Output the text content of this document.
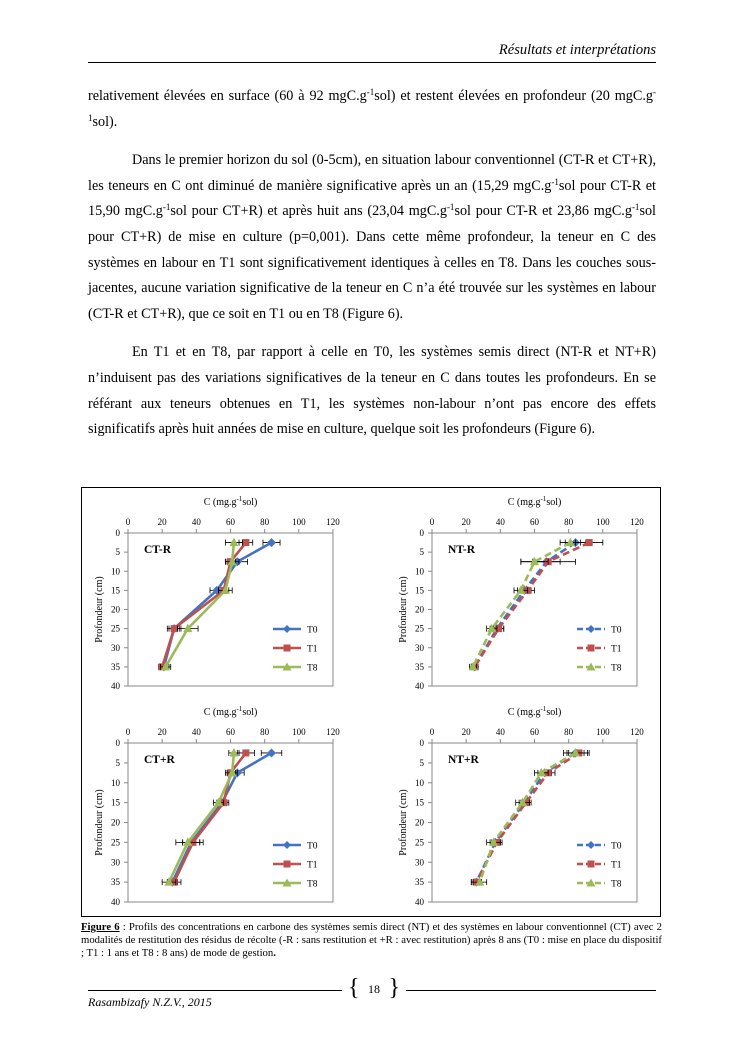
Résultats et interprétations

relativement élevées en surface (60 à 92 $mgC.g^{-1}sol$) et restent élevées en profondeur (20 $mgC.g^{-1}sol$).

Dans le premier horizon du sol (0-5cm), en situation labour conventionnel (CT-R et CT+R), les teneurs en C ont diminué de manière significative après un an (15,29 $mgC.g^{-1}sol$ pour CT-R et 15,90 $mgC.g^{-1}sol$ pour CT+R) et après huit ans (23,04 $mgC.g^{-1}sol$ pour CT-R et 23,86 $mgC.g^{-1}sol$ pour CT+R) de mise en culture (p=0,001). Dans cette même profondeur, la teneur en C des systèmes en labour en T1 sont significativement identiques à celles en T8. Dans les couches sous-jacentes, aucune variation significative de la teneur en C n’a été trouvée sur les systèmes en labour (CT-R et CT+R), que ce soit en T1 ou en T8 (Figure 6).

En T1 et en T8, par rapport à celle en T0, les systèmes semis direct (NT-R et NT+R) n’induisent pas des variations significatives de la teneur en C dans toutes les profondeurs. En se référant aux teneurs obtenues en T1, les systèmes non-labour n’ont pas encore des effets significatifs après huit années de mise en culture, quelque soit les profondeurs (Figure 6).

C $(mg.g^{-1}sol)$
0	20	40	60	80	100 120
0
5
10
15
20
25
30
35
40
Profondeur (cm)
CT-R
T0
T1
T8
C $(mg.g^{-1}sol)$
0	20	40	60	80	100 120
0
5
10
15
20
25
30
35
40
Profondeur (cm)
NT-R
T0
T1
T8
C $(mg.g^{-1}sol)$
0	20	40	60	80	100 120
0
5
10
15
20
25
30
35
40
Profondeur (cm)
CT+R
T0
T1
T8
C $(mg.g^{-1}sol)$
0	20	40	60	80	100 120
0
5
10
15
20
25
30
35
40
Profondeur (cm)
NT+R
T0
T1
T8
Figure 6 : Profils des concentrations en carbone des systèmes semis direct (NT) et des systèmes en labour conventionnel (CT) avec 2 modalités de restitution des résidus de récolte (-R : sans restitution et +R : avec restitution) après 8 ans (T0 : mise en place du dispositif ; T1 : 1 ans et T8 : 8 ans) de mode de gestion.
{ 18 }
Rasambizafy N.Z.V., 2015
